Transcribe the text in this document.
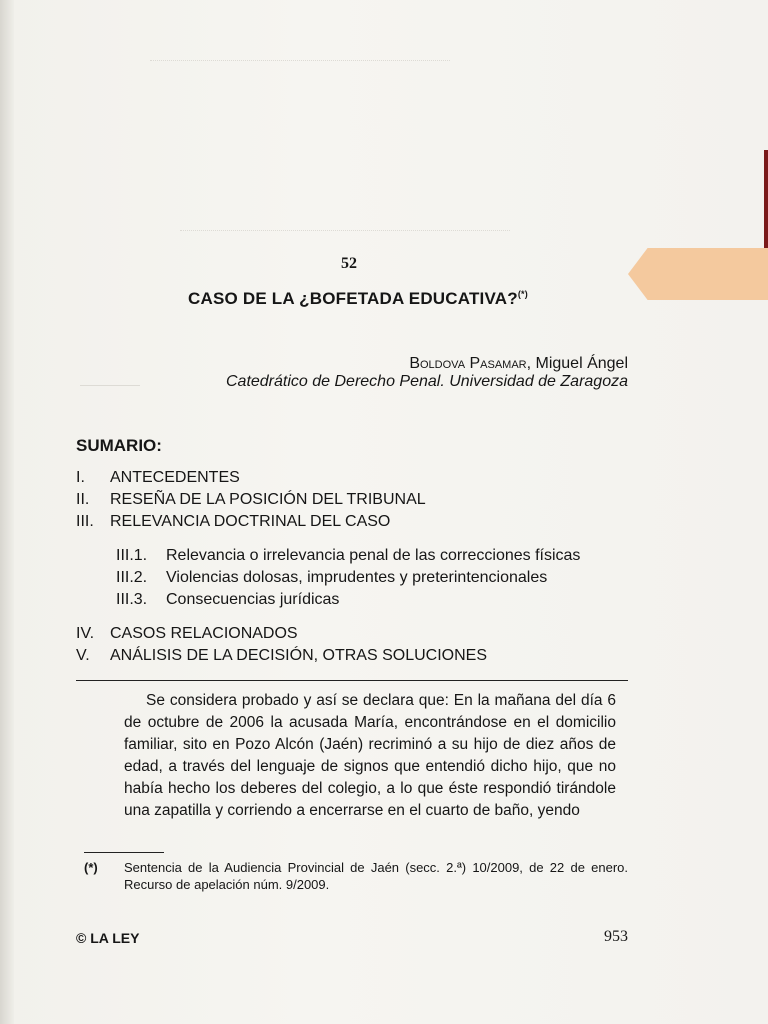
52
CASO DE LA ¿BOFETADA EDUCATIVA?(*)
Boldova Pasamar, Miguel Ángel
Catedrático de Derecho Penal. Universidad de Zaragoza
SUMARIO:
I. ANTECEDENTES
II. RESEÑA DE LA POSICIÓN DEL TRIBUNAL
III. RELEVANCIA DOCTRINAL DEL CASO
III.1. Relevancia o irrelevancia penal de las correcciones físicas
III.2. Violencias dolosas, imprudentes y preterintencionales
III.3. Consecuencias jurídicas
IV. CASOS RELACIONADOS
V. ANÁLISIS DE LA DECISIÓN, OTRAS SOLUCIONES

Se considera probado y así se declara que: En la mañana del día 6 de octubre de 2006 la acusada María, encontrándose en el domicilio familiar, sito en Pozo Alcón (Jaén) recriminó a su hijo de diez años de edad, a través del lenguaje de signos que entendió dicho hijo, que no había hecho los deberes del colegio, a lo que éste respondió tirándole una zapatilla y corriendo a encerrarse en el cuarto de baño, yendo

(*) Sentencia de la Audiencia Provincial de Jaén (secc. 2.ª) 10/2009, de 22 de enero. Recurso de apelación núm. 9/2009.
© LA LEY	953
